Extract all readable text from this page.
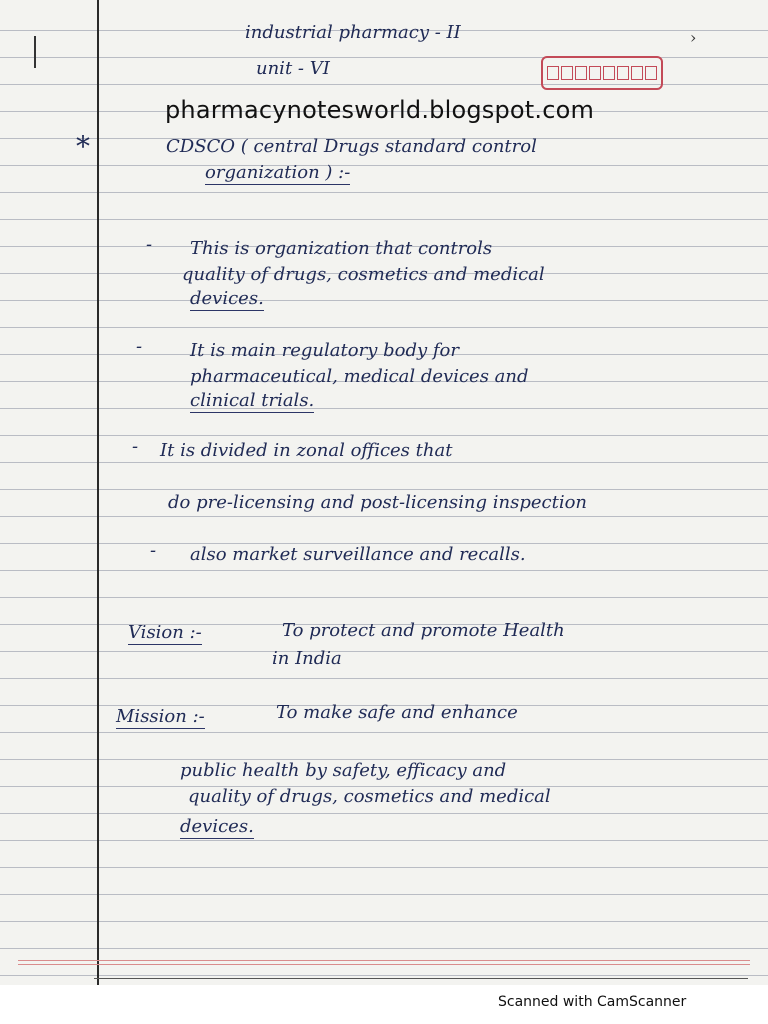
›
industrial pharmacy - II
unit - VI
pharmacynotesworld.blogspot.com
*	CDSCO ( central Drugs standard control
organization ) :-
- This is organization that controls
quality of drugs, cosmetics and medical
devices.
-	It is main regulatory body for
pharmaceutical, medical devices and
clinical trials.
- It is divided in zonal offices that
do pre-licensing and post-licensing inspection
- also market surveillance and recalls.
Vision :-	To protect and promote Health
in India
Mission :-	To make safe and enhance
public health by safety, efficacy and
quality of drugs, cosmetics and medical
devices.
Scanned with CamScanner
